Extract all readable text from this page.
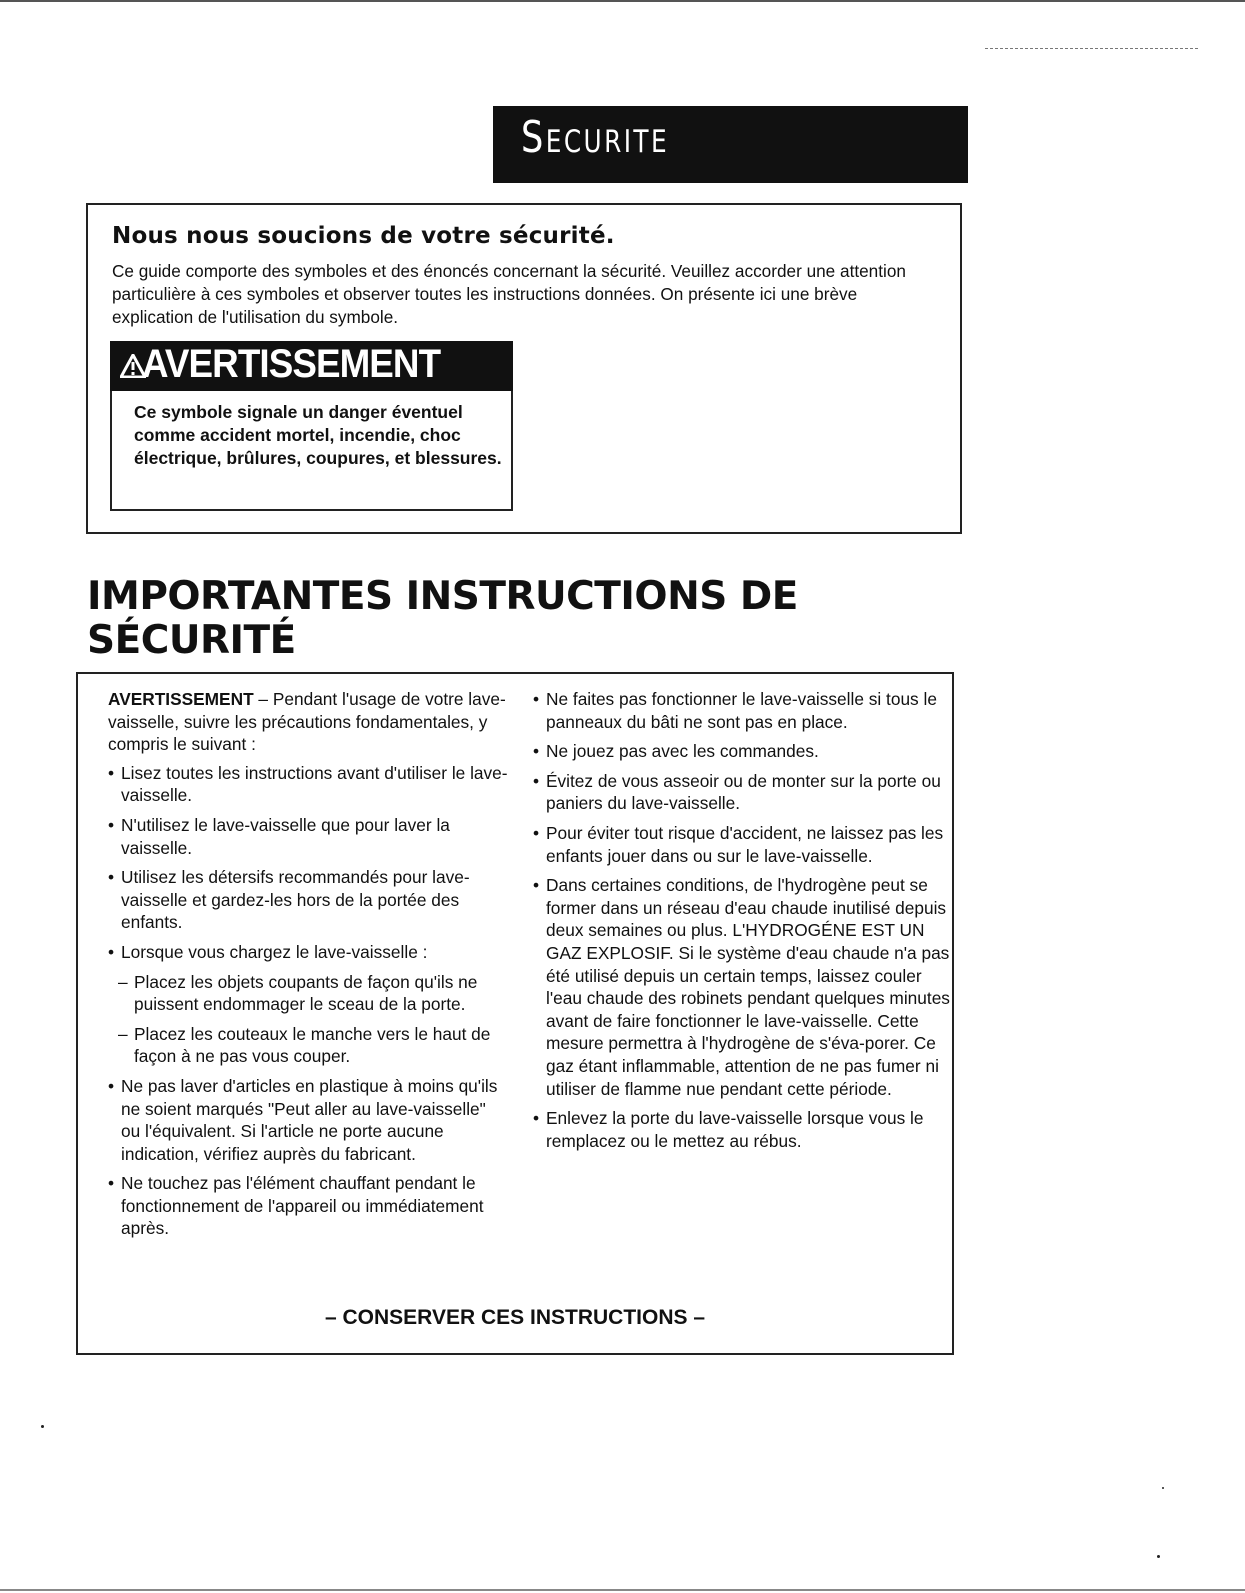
Securite
Nous nous soucions de votre sécurité.
Ce guide comporte des symboles et des énoncés concernant la sécurité. Veuillez accorder une attention particulière à ces symboles et observer toutes les instructions données. On présente ici une brève explication de l'utilisation du symbole.
AVERTISSEMENT
Ce symbole signale un danger éventuel comme accident mortel, incendie, choc électrique, brûlures, coupures, et blessures.
IMPORTANTES INSTRUCTIONS DE
SÉCURITÉ

AVERTISSEMENT – Pendant l'usage de votre lave-vaisselle, suivre les précautions fondamentales, y compris le suivant :

• Lisez toutes les instructions avant d'utiliser le lave-vaisselle.
• N'utilisez le lave-vaisselle que pour laver la vaisselle.
• Utilisez les détersifs recommandés pour lave-vaisselle et gardez-les hors de la portée des enfants.
• Lorsque vous chargez le lave-vaisselle :
– Placez les objets coupants de façon qu'ils ne puissent endommager le sceau de la porte.
– Placez les couteaux le manche vers le haut de façon à ne pas vous couper.
• Ne pas laver d'articles en plastique à moins qu'ils ne soient marqués "Peut aller au lave-vaisselle" ou l'équivalent. Si l'article ne porte aucune indication, vérifiez auprès du fabricant.
• Ne touchez pas l'élément chauffant pendant le fonctionnement de l'appareil ou immédiatement après.
• Ne faites pas fonctionner le lave-vaisselle si tous le panneaux du bâti ne sont pas en place.
• Ne jouez pas avec les commandes.
• Évitez de vous asseoir ou de monter sur la porte ou paniers du lave-vaisselle.
• Pour éviter tout risque d'accident, ne laissez pas les enfants jouer dans ou sur le lave-vaisselle.
• Dans certaines conditions, de l'hydrogène peut se former dans un réseau d'eau chaude inutilisé depuis deux semaines ou plus. L'HYDROGÉNE EST UN GAZ EXPLOSIF. Si le système d'eau chaude n'a pas été utilisé depuis un certain temps, laissez couler l'eau chaude des robinets pendant quelques minutes avant de faire fonctionner le lave-vaisselle. Cette mesure permettra à l'hydrogène de s'éva-porer. Ce gaz étant inflammable, attention de ne pas fumer ni utiliser de flamme nue pendant cette période.
• Enlevez la porte du lave-vaisselle lorsque vous le remplacez ou le mettez au rébus.
– CONSERVER CES INSTRUCTIONS –
